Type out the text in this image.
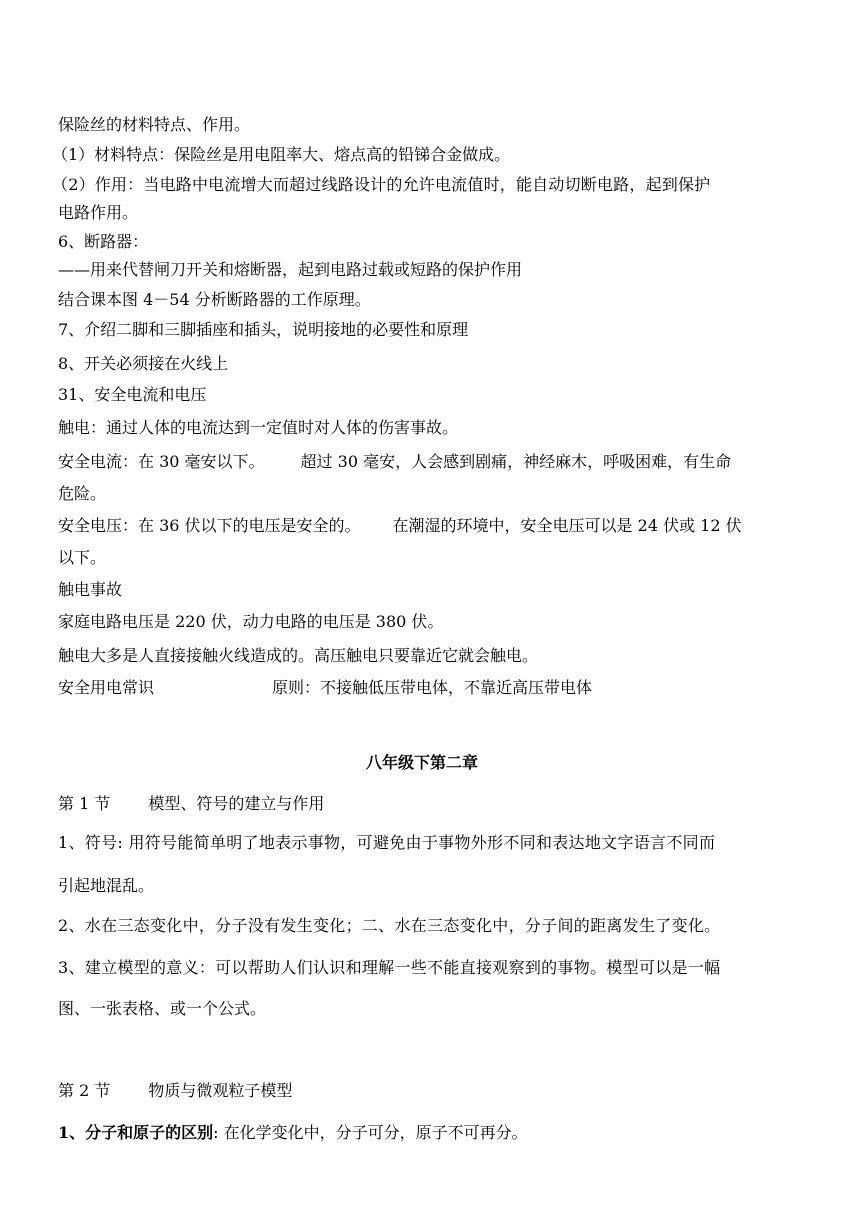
保险丝的材料特点、作用。
（1）材料特点：保险丝是用电阻率大、熔点高的铅锑合金做成。
（2）作用：当电路中电流增大而超过线路设计的允许电流值时，能自动切断电路，起到保护
电路作用。
6、断路器：
——用来代替闸刀开关和熔断器，起到电路过载或短路的保护作用
结合课本图 4－54 分析断路器的工作原理。
7、介绍二脚和三脚插座和插头，说明接地的必要性和原理
8、开关必须接在火线上
31、安全电流和电压
触电：通过人体的电流达到一定值时对人体的伤害事故。
安全电流：在 30 毫安以下。 超过 30 毫安，人会感到剧痛，神经麻木，呼吸困难，有生命
危险。
安全电压：在 36 伏以下的电压是安全的。 在潮湿的环境中，安全电压可以是 24 伏或 12 伏
以下。
触电事故
家庭电路电压是 220 伏，动力电路的电压是 380 伏。
触电大多是人直接接触火线造成的。高压触电只要靠近它就会触电。
安全用电常识	原则：不接触低压带电体，不靠近高压带电体
八年级下第二章
第 1 节 模型、符号的建立与作用
1、符号: 用符号能简单明了地表示事物，可避免由于事物外形不同和表达地文字语言不同而
引起地混乱。
2、水在三态变化中，分子没有发生变化；二、水在三态变化中，分子间的距离发生了变化。
3、建立模型的意义：可以帮助人们认识和理解一些不能直接观察到的事物。模型可以是一幅
图、一张表格、或一个公式。
第 2 节 物质与微观粒子模型
1、分子和原子的区别: 在化学变化中，分子可分，原子不可再分。
